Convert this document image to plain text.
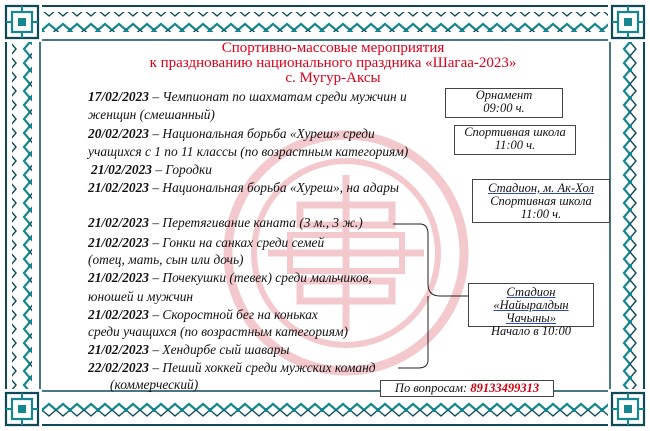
Спортивно-массовые мероприятия
к празднованию национального праздника «Шагаа-2023»
с. Мугур-Аксы
17/02/2023 – Чемпионат по шахматам среди мужчин и
женщин (смешанный)
20/02/2023 – Национальная борьба «Хуреш» среди
учащихся с 1 по 11 классы (по возрастным категориям)
21/02/2023 – Городки
21/02/2023 – Национальная борьба «Хуреш», на адары
21/02/2023 – Перетягивание каната (3 м., 3 ж.)
21/02/2023 – Гонки на санках среди семей
(отец, мать, сын или дочь)
21/02/2023 – Почекушки (тевек) среди мальчиков,
юношей и мужчин
21/02/2023 – Скоростной бег на коньках
среди учащихся (по возрастным категориям)
21/02/2023 – Хендирбе сый шавары
22/02/2023 – Пеший хоккей среди мужских команд
(коммерческий)
Орнамент
09:00 ч.
Спортивная школа
11:00 ч.
Стадион, м. Ак-Хол
Спортивная школа
11:00 ч.
Стадион «Найыралдын
Чачыны»
Начало в 10:00
По вопросам: 89133499313
